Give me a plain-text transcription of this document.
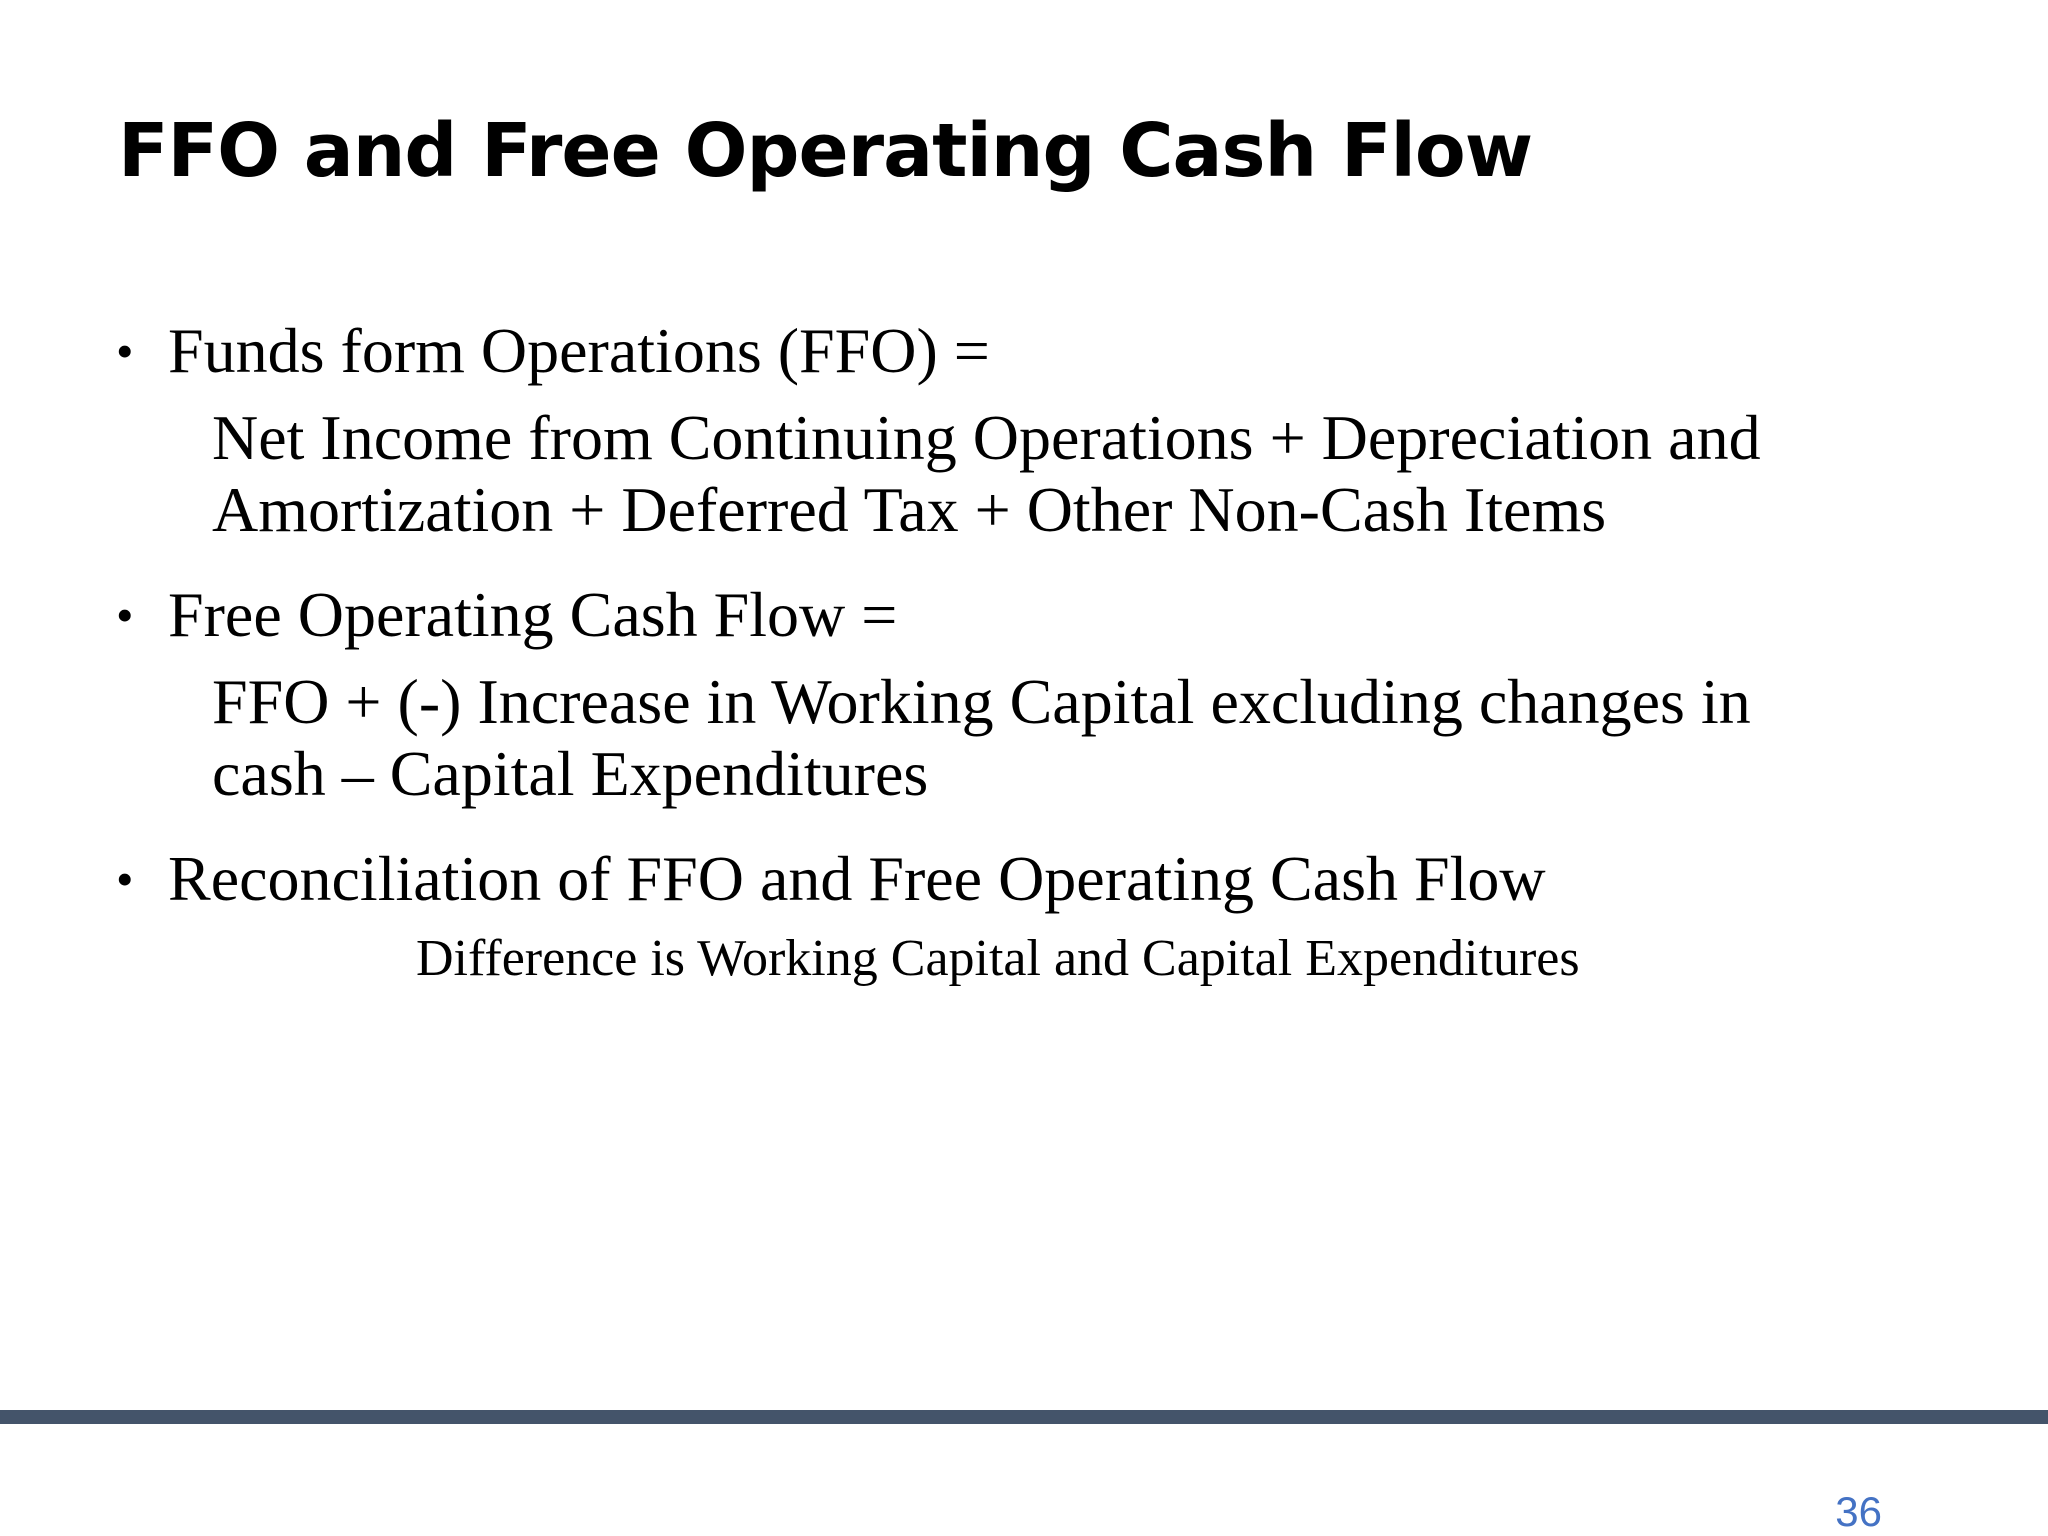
FFO and Free Operating Cash Flow
• Funds form Operations (FFO) =
Net Income from Continuing Operations + Depreciation and
Amortization + Deferred Tax + Other Non-Cash Items
• Free Operating Cash Flow =
FFO + (-) Increase in Working Capital excluding changes in
cash – Capital Expenditures
• Reconciliation of FFO and Free Operating Cash Flow
Difference is Working Capital and Capital Expenditures
36
